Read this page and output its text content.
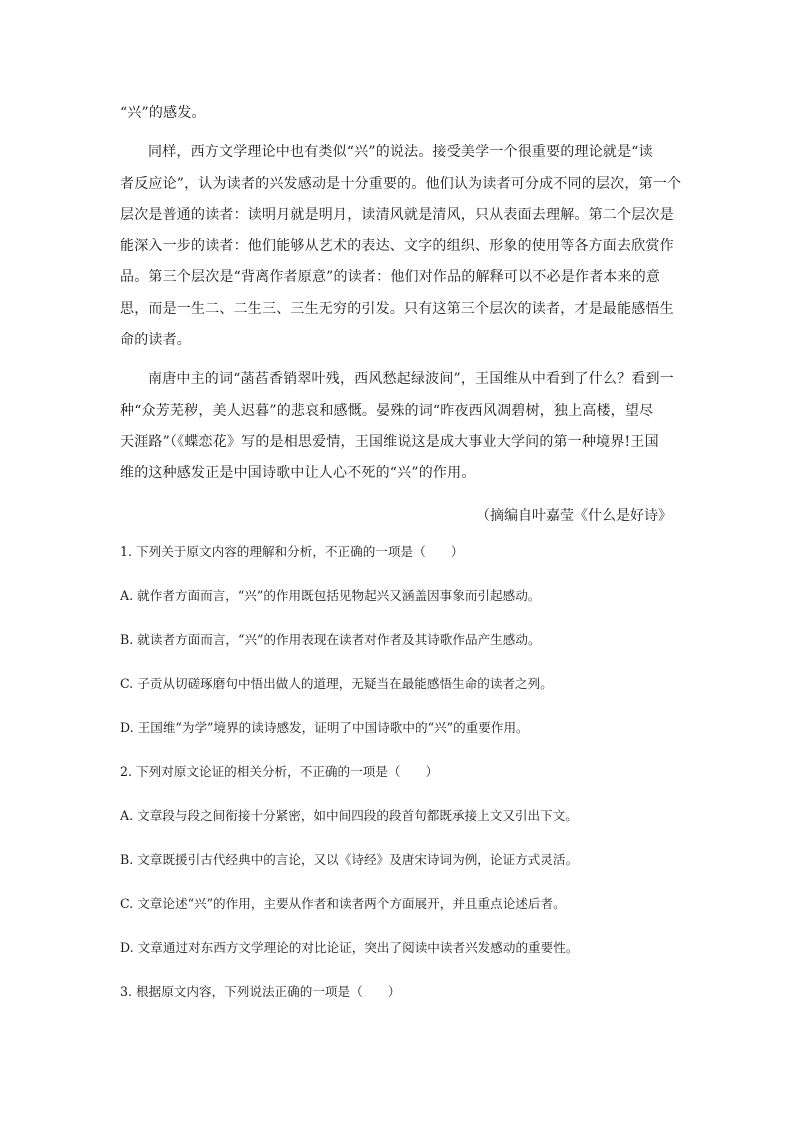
“兴”的感发。

同样，西方文学理论中也有类似“兴”的说法。接受美学一个很重要的理论就是“读
者反应论”，认为读者的兴发感动是十分重要的。他们认为读者可分成不同的层次，第一个
层次是普通的读者：读明月就是明月，读清风就是清风，只从表面去理解。第二个层次是
能深入一步的读者：他们能够从艺术的表达、文字的组织、形象的使用等各方面去欣赏作
品。第三个层次是“背离作者原意”的读者：他们对作品的解释可以不必是作者本来的意
思，而是一生二、二生三、三生无穷的引发。只有这第三个层次的读者，才是最能感悟生
命的读者。

南唐中主的词“菡萏香销翠叶残，西风愁起绿波间”，王国维从中看到了什么？看到一
种“众芳芜秽，美人迟暮”的悲哀和感慨。晏殊的词“昨夜西风凋碧树，独上高楼，望尽
天涯路”（《蝶恋花》写的是相思爱情，王国维说这是成大事业大学问的第一种境界!王国
维的这种感发正是中国诗歌中让人心不死的“兴”的作用。

（摘编自叶嘉莹《什么是好诗》

1. 下列关于原文内容的理解和分析，不正确的一项是（　　）

A. 就作者方面而言，“兴”的作用既包括见物起兴又涵盖因事象而引起感动。

B. 就读者方面而言，“兴”的作用表现在读者对作者及其诗歌作品产生感动。

C. 子贡从切磋琢磨句中悟出做人的道理，无疑当在最能感悟生命的读者之列。

D. 王国维“为学”境界的读诗感发，证明了中国诗歌中的“兴”的重要作用。

2. 下列对原文论证的相关分析，不正确的一项是（　　）

A. 文章段与段之间衔接十分紧密，如中间四段的段首句都既承接上文又引出下文。

B. 文章既援引古代经典中的言论，又以《诗经》及唐宋诗词为例，论证方式灵活。

C. 文章论述“兴”的作用，主要从作者和读者两个方面展开，并且重点论述后者。

D. 文章通过对东西方文学理论的对比论证，突出了阅读中读者兴发感动的重要性。

3. 根据原文内容，下列说法正确的一项是（　　）
